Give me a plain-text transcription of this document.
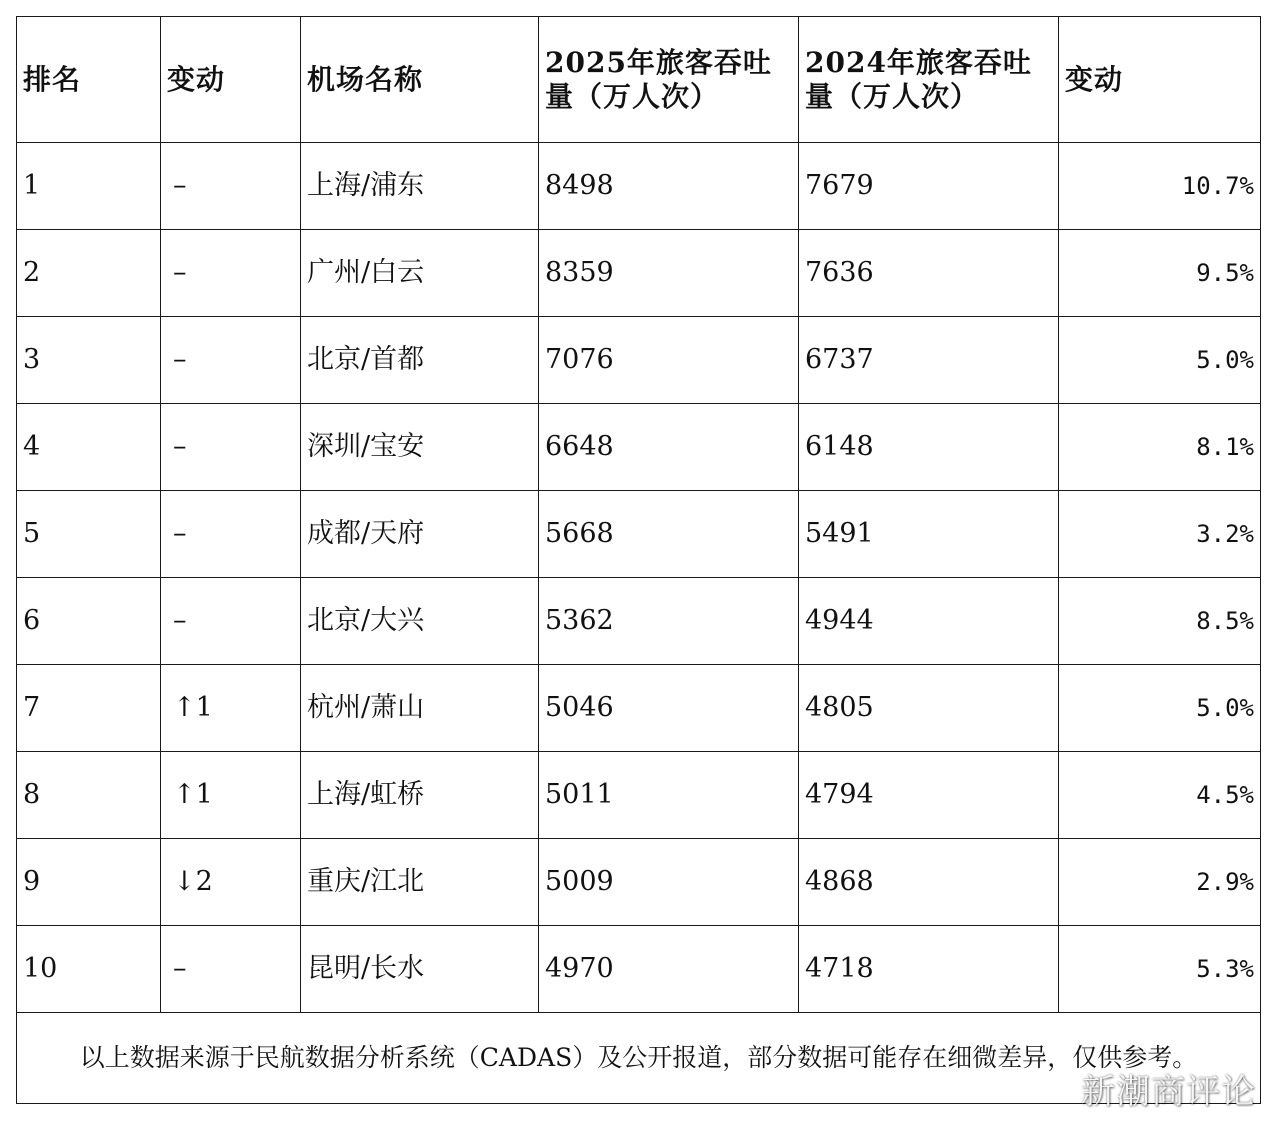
排名	变动	机场名称	2025年旅客吞吐量（万人次）	2024年旅客吞吐量（万人次）	变动
1	–	上海/浦东	8498	7679	10.7%
2	–	广州/白云	8359	7636	9.5%
3	–	北京/首都	7076	6737	5.0%
4	–	深圳/宝安	6648	6148	8.1%
5	–	成都/天府	5668	5491	3.2%
6	–	北京/大兴	5362	4944	8.5%
7	↑1	杭州/萧山	5046	4805	5.0%
8	↑1	上海/虹桥	5011	4794	4.5%
9	↓2	重庆/江北	5009	4868	2.9%
10	–	昆明/长水	4970	4718	5.3%
以上数据来源于民航数据分析系统（CADAS）及公开报道，部分数据可能存在细微差异，仅供参考。					
新潮商评论
